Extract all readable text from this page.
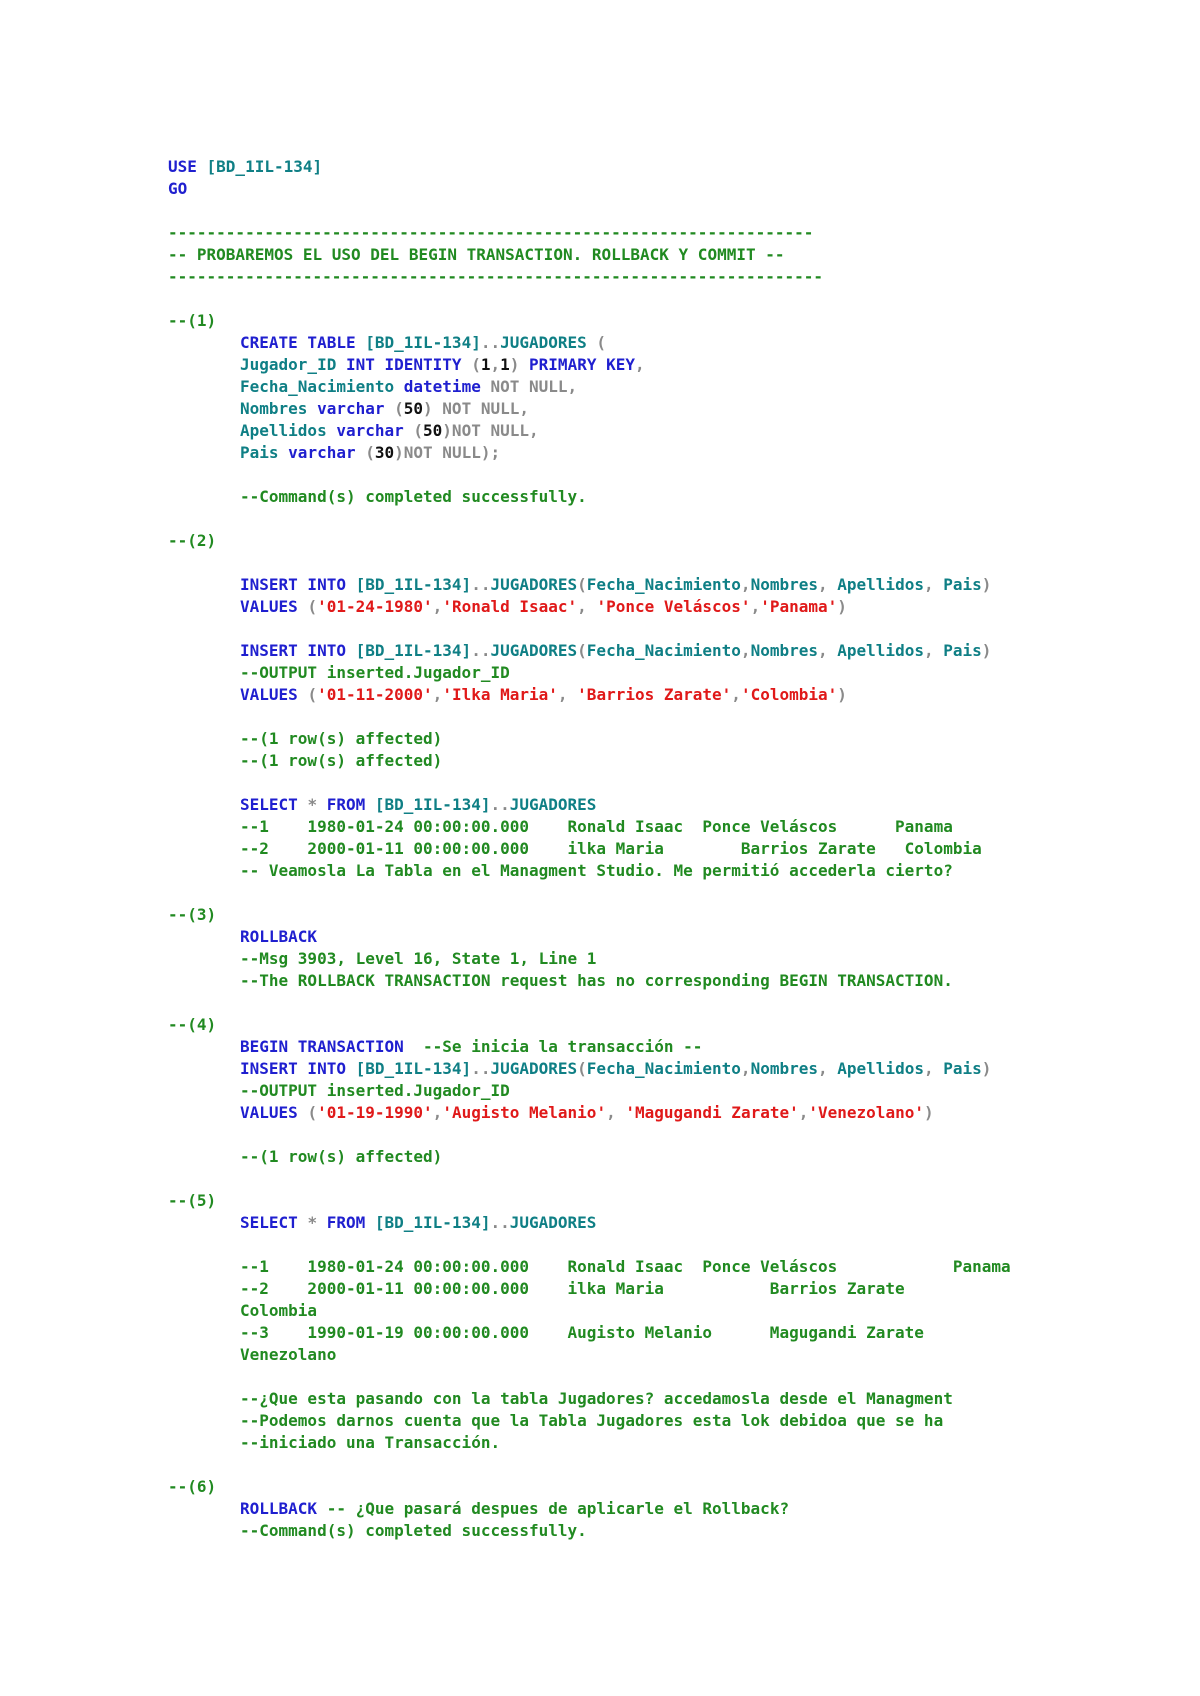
USE [BD_1IL-134]
GO
-------------------------------------------------------------------
-- PROBAREMOS EL USO DEL BEGIN TRANSACTION. ROLLBACK Y COMMIT --
--------------------------------------------------------------------
--(1)
CREATE TABLE [BD_1IL-134]..JUGADORES (
Jugador_ID INT IDENTITY (1,1) PRIMARY KEY,
Fecha_Nacimiento datetime NOT NULL,
Nombres varchar (50) NOT NULL,
Apellidos varchar (50)NOT NULL,
Pais varchar (30)NOT NULL);
--Command(s) completed successfully.
--(2)
INSERT INTO [BD_1IL-134]..JUGADORES(Fecha_Nacimiento,Nombres, Apellidos, Pais)
VALUES ('01-24-1980','Ronald Isaac', 'Ponce Veláscos','Panama')
INSERT INTO [BD_1IL-134]..JUGADORES(Fecha_Nacimiento,Nombres, Apellidos, Pais)
--OUTPUT inserted.Jugador_ID
VALUES ('01-11-2000','Ilka Maria', 'Barrios Zarate','Colombia')
--(1 row(s) affected)
--(1 row(s) affected)
SELECT * FROM [BD_1IL-134]..JUGADORES
--1    1980-01-24 00:00:00.000    Ronald Isaac  Ponce Veláscos      Panama
--2    2000-01-11 00:00:00.000    ilka Maria        Barrios Zarate   Colombia
-- Veamosla La Tabla en el Managment Studio. Me permitió accederla cierto?
--(3)
ROLLBACK
--Msg 3903, Level 16, State 1, Line 1
--The ROLLBACK TRANSACTION request has no corresponding BEGIN TRANSACTION.
--(4)
BEGIN TRANSACTION  --Se inicia la transacción --
INSERT INTO [BD_1IL-134]..JUGADORES(Fecha_Nacimiento,Nombres, Apellidos, Pais)
--OUTPUT inserted.Jugador_ID
VALUES ('01-19-1990','Augisto Melanio', 'Magugandi Zarate','Venezolano')
--(1 row(s) affected)
--(5)
SELECT * FROM [BD_1IL-134]..JUGADORES
--1    1980-01-24 00:00:00.000    Ronald Isaac  Ponce Veláscos            Panama
--2    2000-01-11 00:00:00.000    ilka Maria           Barrios Zarate
Colombia
--3    1990-01-19 00:00:00.000    Augisto Melanio      Magugandi Zarate
Venezolano
--¿Que esta pasando con la tabla Jugadores? accedamosla desde el Managment
--Podemos darnos cuenta que la Tabla Jugadores esta lok debidoa que se ha
--iniciado una Transacción.
--(6)
ROLLBACK -- ¿Que pasará despues de aplicarle el Rollback?
--Command(s) completed successfully.
